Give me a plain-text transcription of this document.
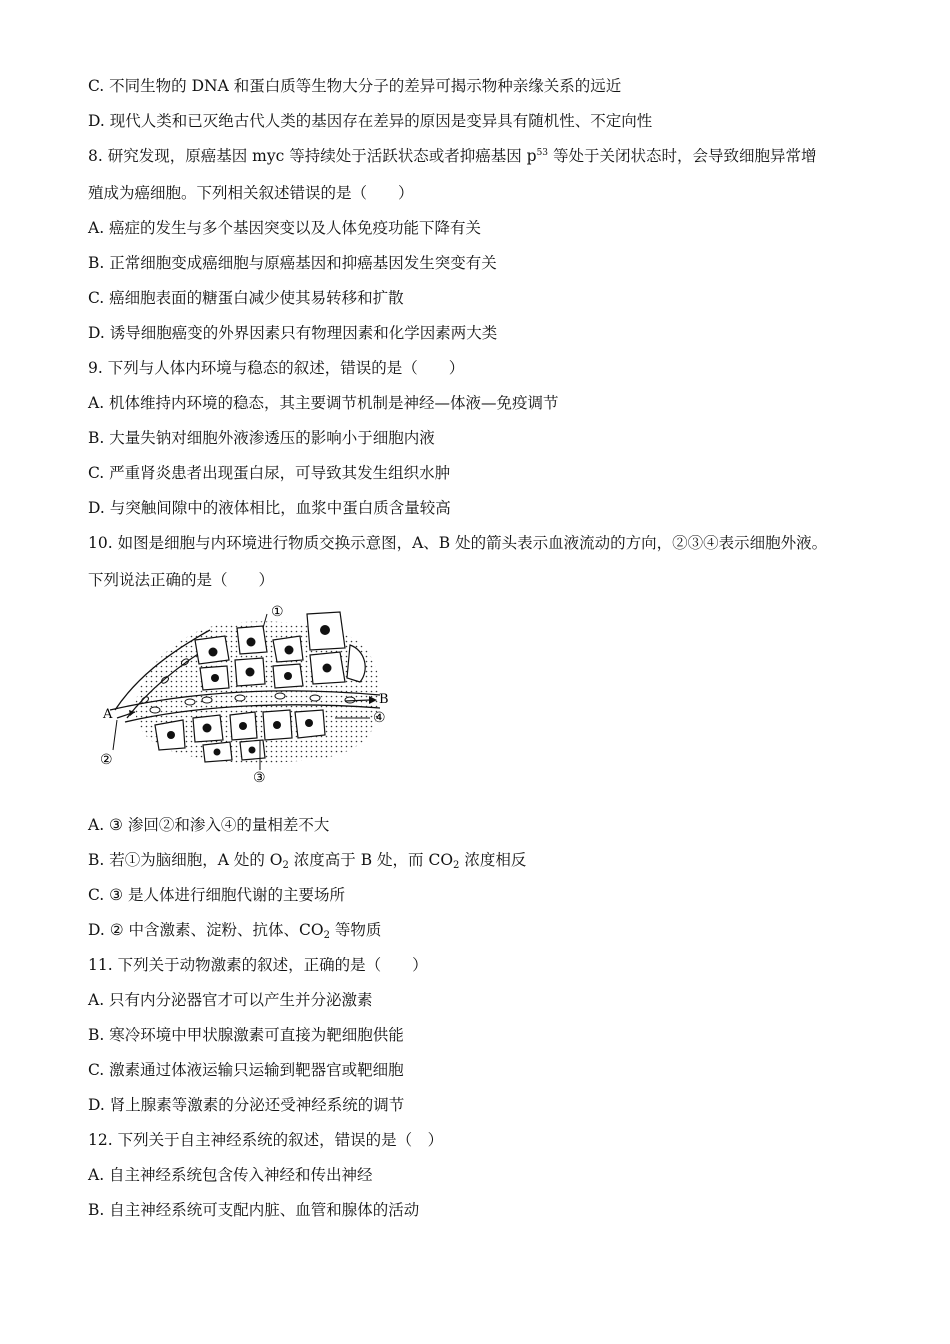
C. 不同生物的 DNA 和蛋白质等生物大分子的差异可揭示物种亲缘关系的远近
D. 现代人类和已灭绝古代人类的基因存在差异的原因是变异具有随机性、不定向性
8. 研究发现，原癌基因 myc 等持续处于活跃状态或者抑癌基因 $p^{53}$ 等处于关闭状态时，会导致细胞异常增
殖成为癌细胞。下列相关叙述错误的是（　　）
A. 癌症的发生与多个基因突变以及人体免疫功能下降有关
B. 正常细胞变成癌细胞与原癌基因和抑癌基因发生突变有关
C. 癌细胞表面的糖蛋白减少使其易转移和扩散
D. 诱导细胞癌变的外界因素只有物理因素和化学因素两大类
9. 下列与人体内环境与稳态的叙述，错误的是（　　）
A. 机体维持内环境的稳态，其主要调节机制是神经—体液—免疫调节
B. 大量失钠对细胞外液渗透压的影响小于细胞内液
C. 严重肾炎患者出现蛋白尿，可导致其发生组织水肿
D. 与突触间隙中的液体相比，血浆中蛋白质含量较高
10. 如图是细胞与内环境进行物质交换示意图，A、B 处的箭头表示血液流动的方向，②③④表示细胞外液。
下列说法正确的是（　　）
①
②
③
④
A
B
A. ③ 渗回②和渗入④的量相差不大
B. 若①为脑细胞，A 处的 $O_2$ 浓度高于 B 处，而 $CO_2$ 浓度相反
C. ③ 是人体进行细胞代谢的主要场所
D. ② 中含激素、淀粉、抗体、$CO_2$ 等物质
11. 下列关于动物激素的叙述，正确的是（　　）
A. 只有内分泌器官才可以产生并分泌激素
B. 寒冷环境中甲状腺激素可直接为靶细胞供能
C. 激素通过体液运输只运输到靶器官或靶细胞
D. 肾上腺素等激素的分泌还受神经系统的调节
12. 下列关于自主神经系统的叙述，错误的是（　）
A. 自主神经系统包含传入神经和传出神经
B. 自主神经系统可支配内脏、血管和腺体的活动
